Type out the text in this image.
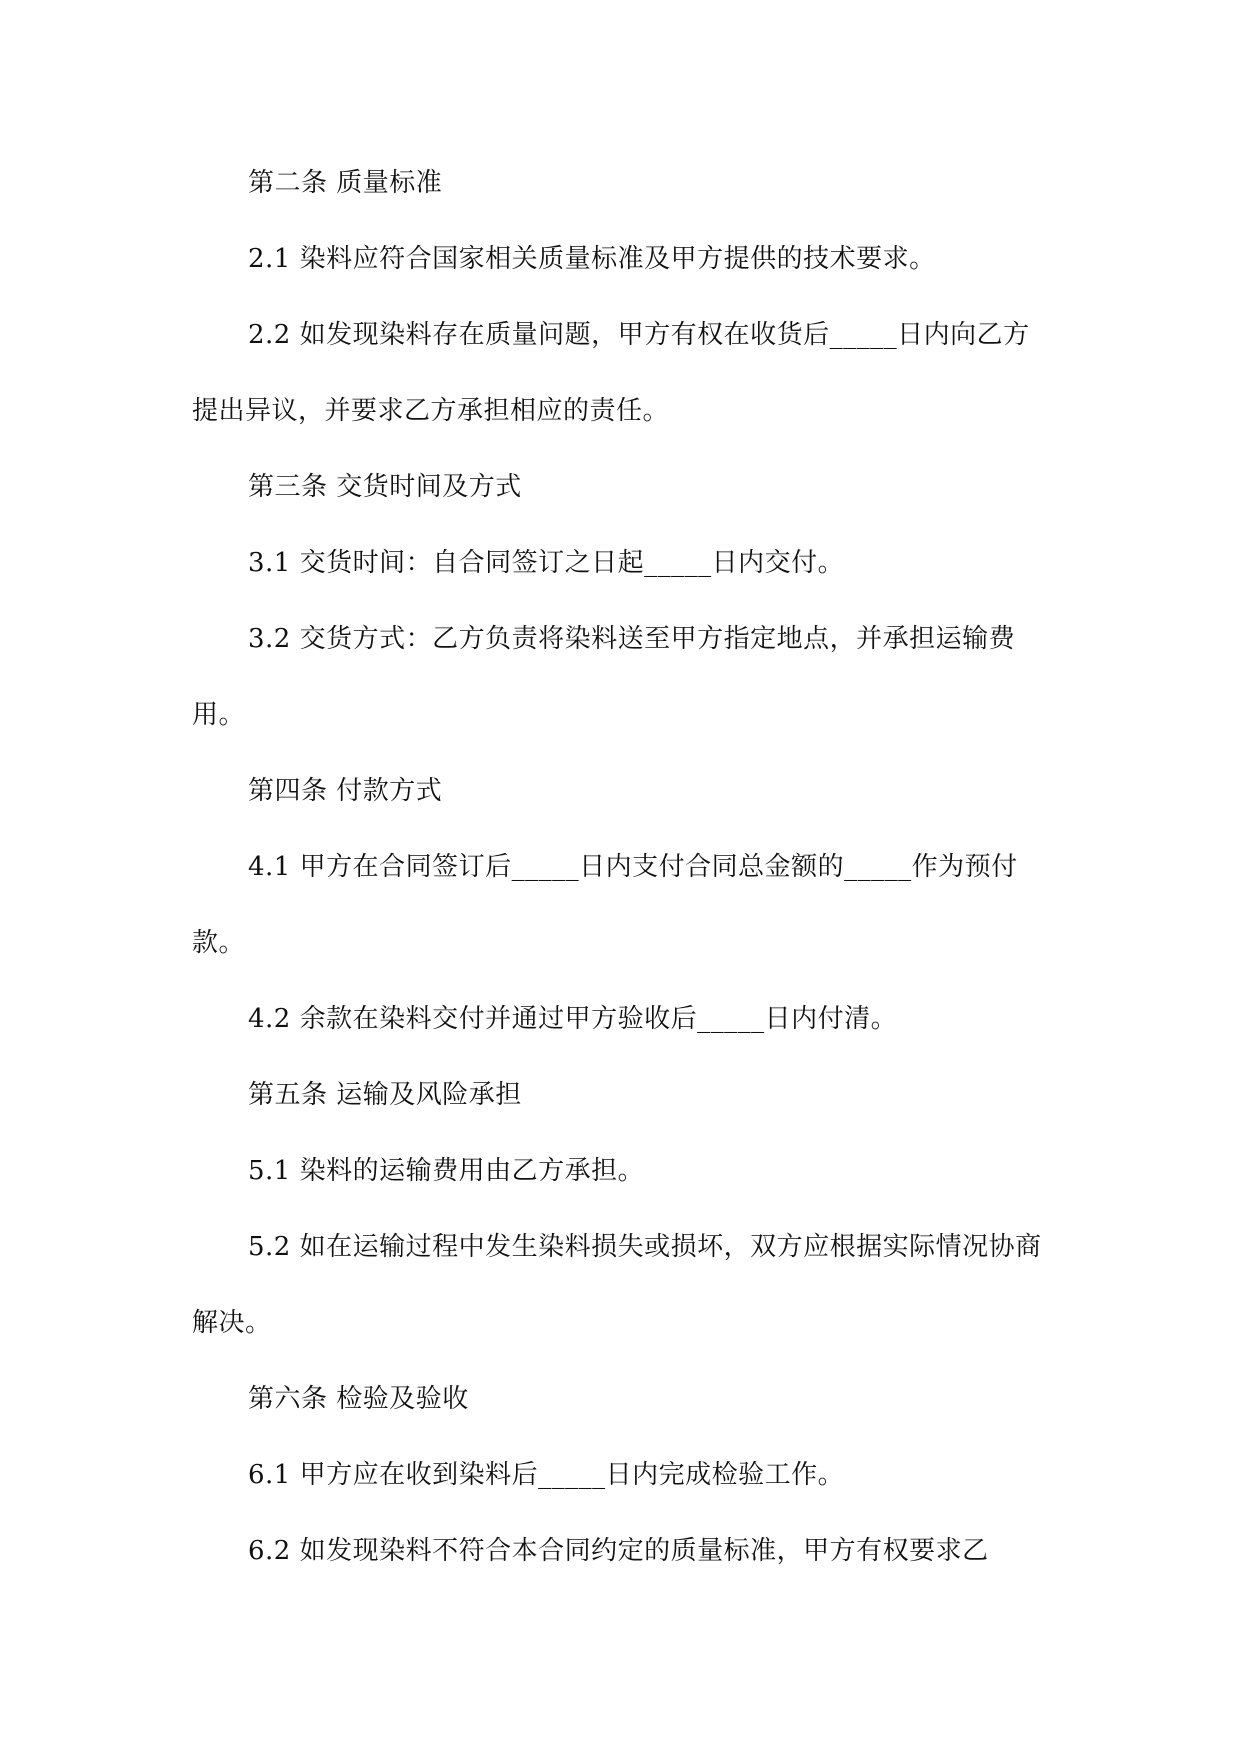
第二条 质量标准

2.1 染料应符合国家相关质量标准及甲方提供的技术要求。

2.2 如发现染料存在质量问题，甲方有权在收货后_____日内向乙方提出异议，并要求乙方承担相应的责任。

第三条 交货时间及方式

3.1 交货时间：自合同签订之日起_____日内交付。

3.2 交货方式：乙方负责将染料送至甲方指定地点，并承担运输费用。

第四条 付款方式

4.1 甲方在合同签订后_____日内支付合同总金额的_____作为预付款。

4.2 余款在染料交付并通过甲方验收后_____日内付清。

第五条 运输及风险承担

5.1 染料的运输费用由乙方承担。

5.2 如在运输过程中发生染料损失或损坏，双方应根据实际情况协商解决。

第六条 检验及验收

6.1 甲方应在收到染料后_____日内完成检验工作。

6.2 如发现染料不符合本合同约定的质量标准，甲方有权要求乙
